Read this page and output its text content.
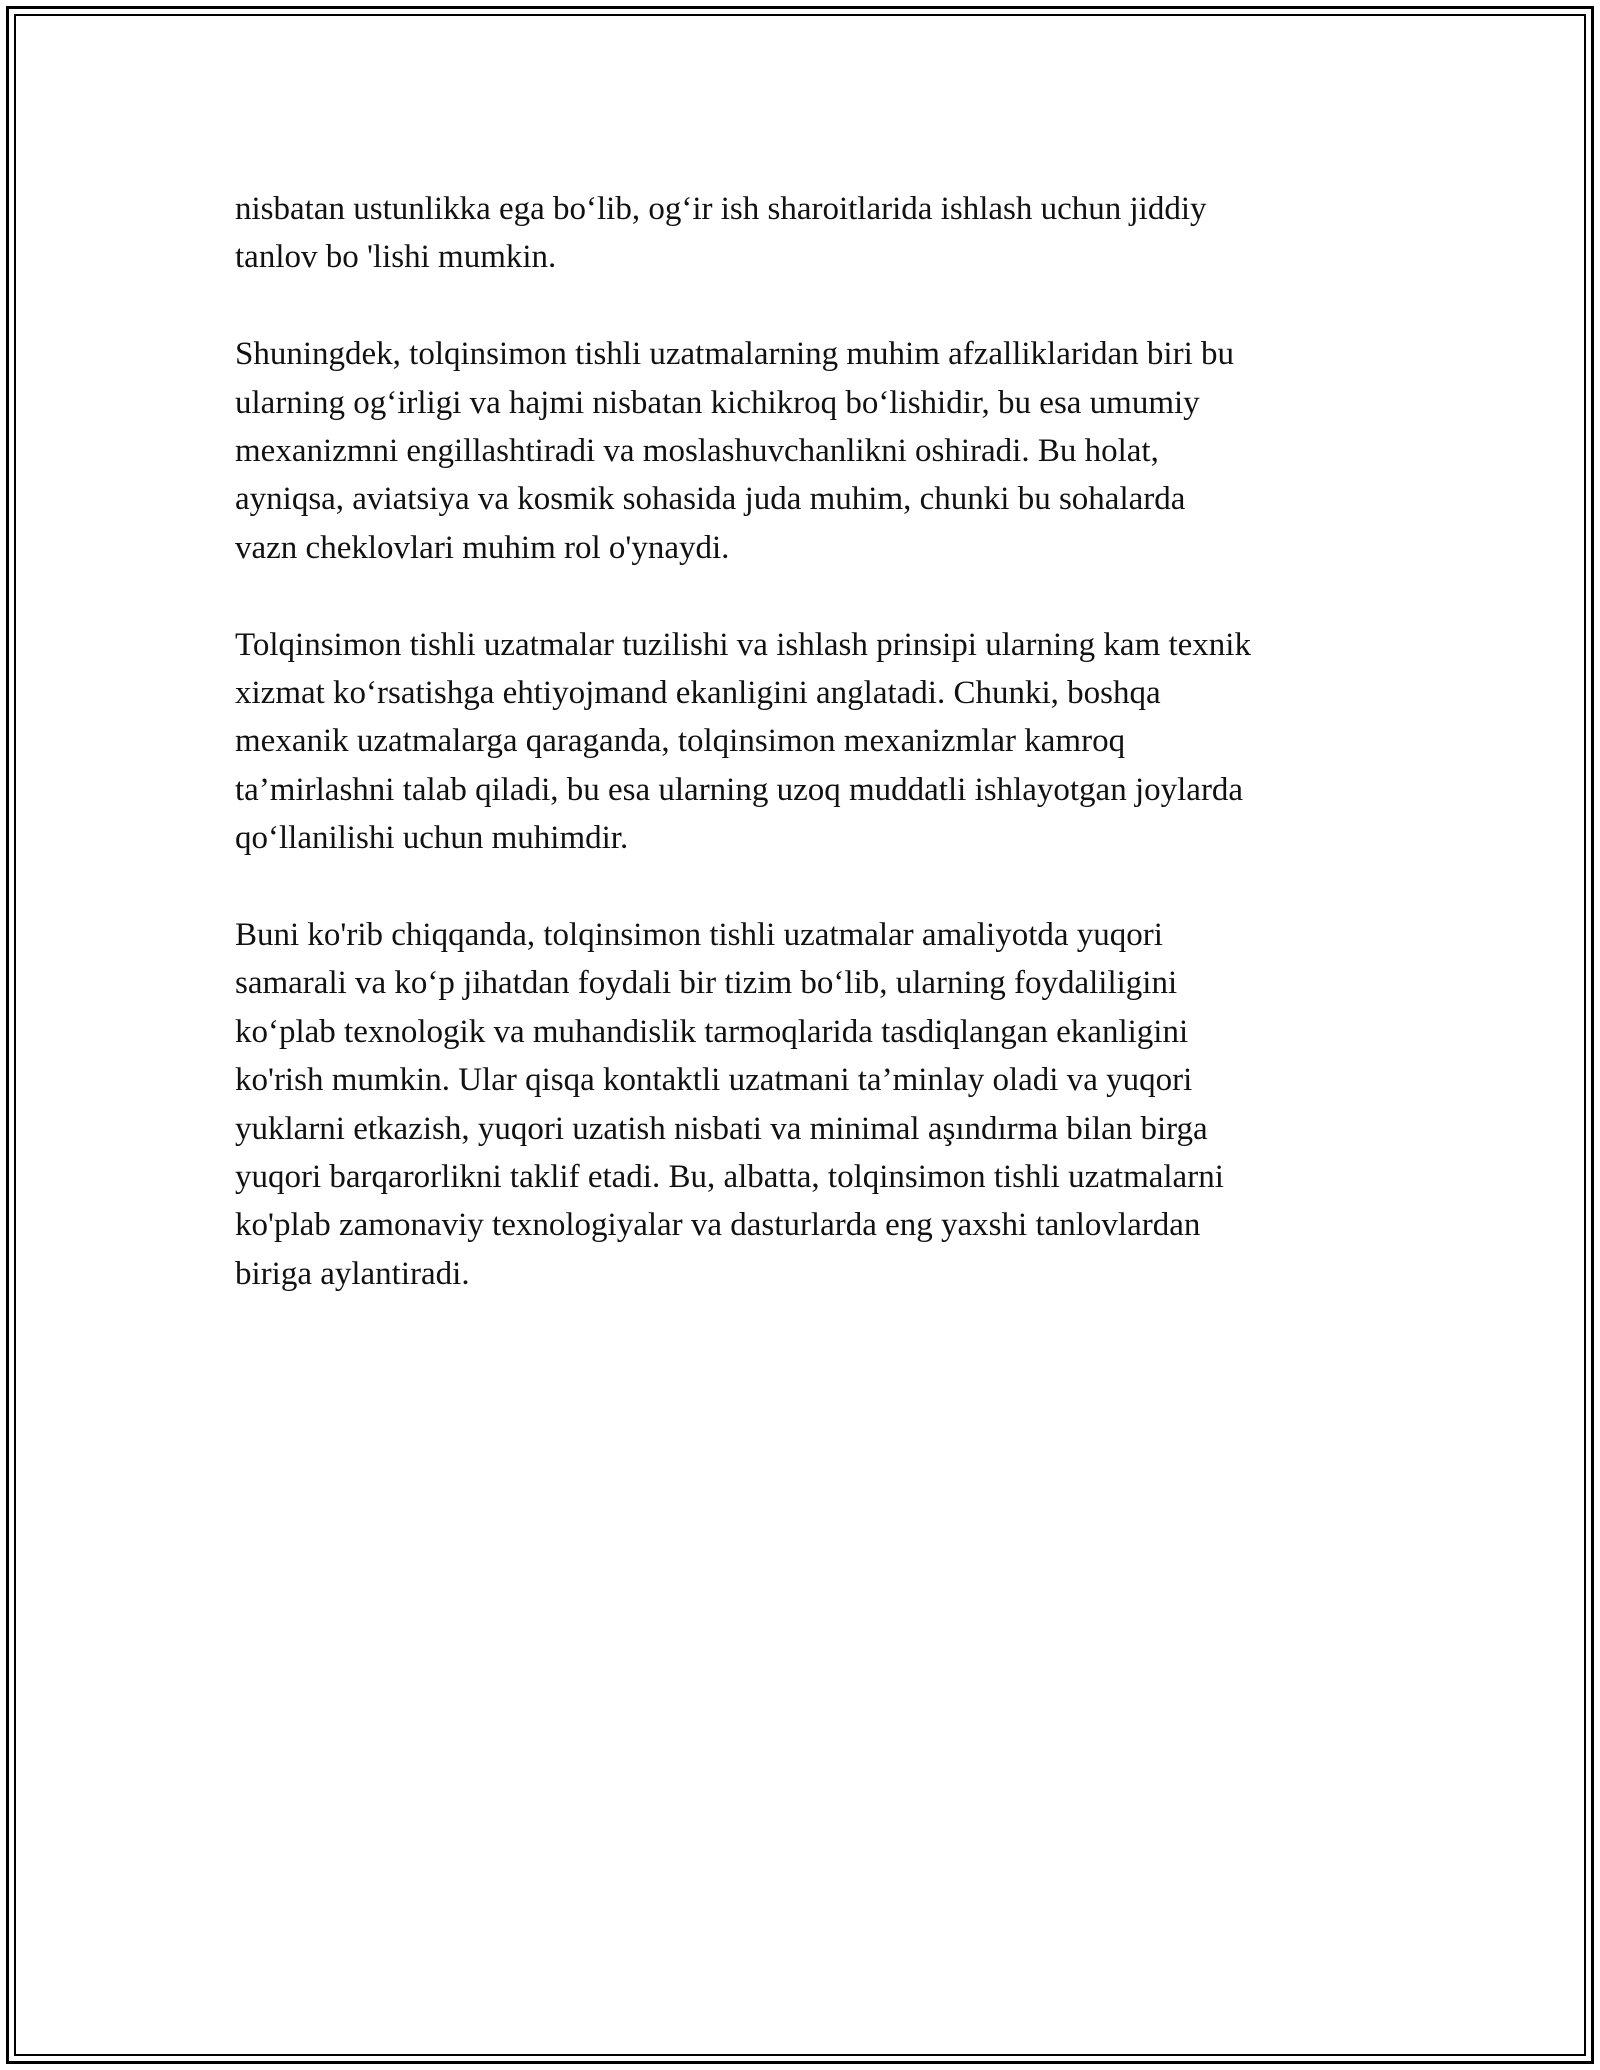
nisbatan ustunlikka ega bo‘lib, og‘ir ish sharoitlarida ishlash uchun jiddiy
tanlov bo 'lishi mumkin.

Shuningdek, tolqinsimon tishli uzatmalarning muhim afzalliklaridan biri bu
ularning og‘irligi va hajmi nisbatan kichikroq bo‘lishidir, bu esa umumiy
mexanizmni engillashtiradi va moslashuvchanlikni oshiradi. Bu holat,
ayniqsa, aviatsiya va kosmik sohasida juda muhim, chunki bu sohalarda
vazn cheklovlari muhim rol o'ynaydi.

Tolqinsimon tishli uzatmalar tuzilishi va ishlash prinsipi ularning kam texnik
xizmat ko‘rsatishga ehtiyojmand ekanligini anglatadi. Chunki, boshqa
mexanik uzatmalarga qaraganda, tolqinsimon mexanizmlar kamroq
ta’mirlashni talab qiladi, bu esa ularning uzoq muddatli ishlayotgan joylarda
qo‘llanilishi uchun muhimdir.

Buni ko'rib chiqqanda, tolqinsimon tishli uzatmalar amaliyotda yuqori
samarali va ko‘p jihatdan foydali bir tizim bo‘lib, ularning foydaliligini
ko‘plab texnologik va muhandislik tarmoqlarida tasdiqlangan ekanligini
ko'rish mumkin. Ular qisqa kontaktli uzatmani ta’minlay oladi va yuqori
yuklarni etkazish, yuqori uzatish nisbati va minimal aşındırma bilan birga
yuqori barqarorlikni taklif etadi. Bu, albatta, tolqinsimon tishli uzatmalarni
ko'plab zamonaviy texnologiyalar va dasturlarda eng yaxshi tanlovlardan
biriga aylantiradi.
